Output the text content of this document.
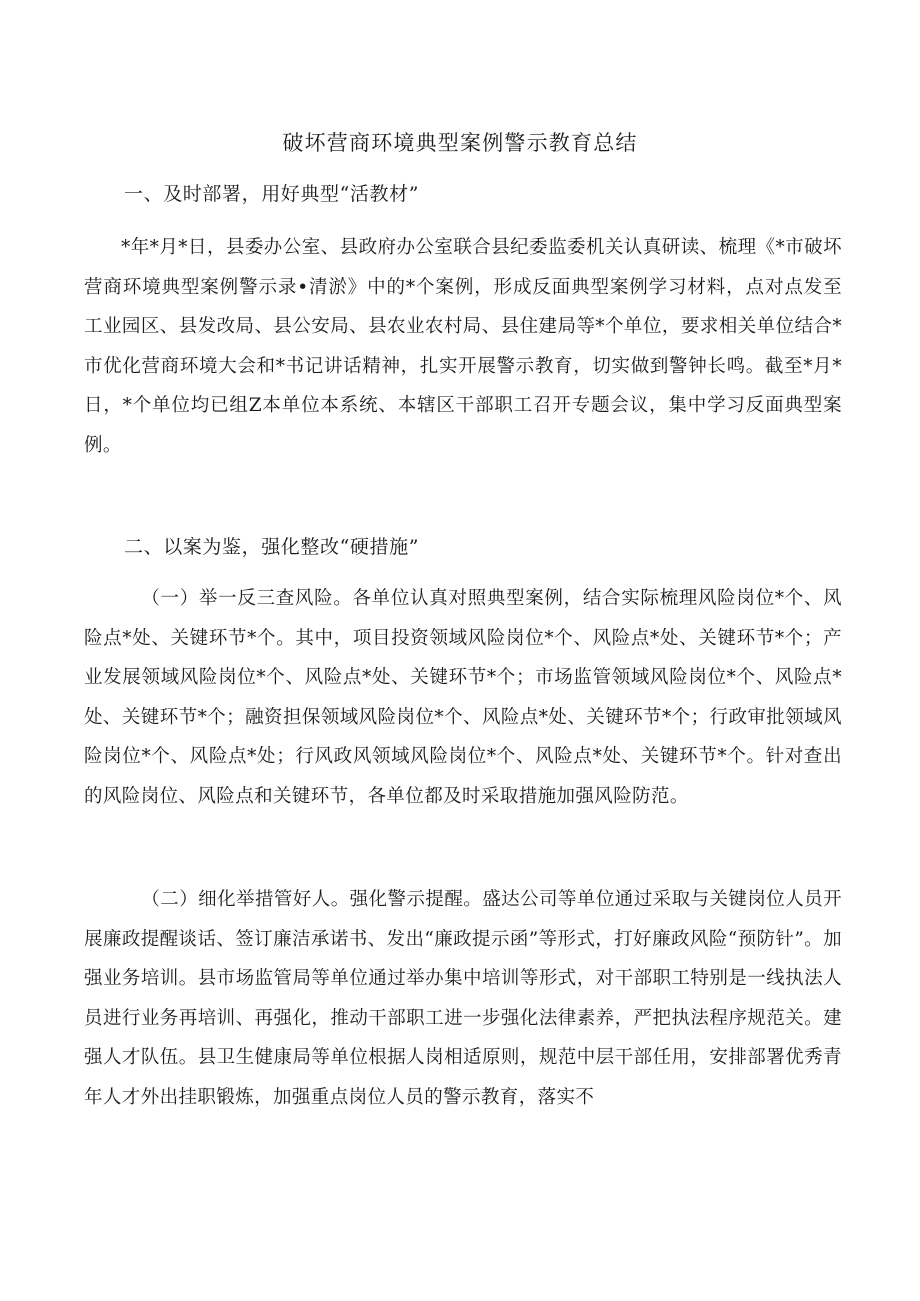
破坏营商环境典型案例警示教育总结
一、及时部署，用好典型“活教材”
*年*月*日，县委办公室、县政府办公室联合县纪委监委机关认真研读、梳理《*市破坏营商环境典型案例警示录•清淤》中的*个案例，形成反面典型案例学习材料，点对点发至工业园区、县发改局、县公安局、县农业农村局、县住建局等*个单位，要求相关单位结合*市优化营商环境大会和*书记讲话精神，扎实开展警示教育，切实做到警钟长鸣。截至*月*日，*个单位均已组Z本单位本系统、本辖区干部职工召开专题会议，集中学习反面典型案例。
二、以案为鉴，强化整改“硬措施”
（一）举一反三查风险。各单位认真对照典型案例，结合实际梳理风险岗位*个、风险点*处、关键环节*个。其中，项目投资领域风险岗位*个、风险点*处、关键环节*个；产业发展领域风险岗位*个、风险点*处、关键环节*个；市场监管领域风险岗位*个、风险点*处、关键环节*个；融资担保领域风险岗位*个、风险点*处、关键环节*个；行政审批领域风险岗位*个、风险点*处；行风政风领域风险岗位*个、风险点*处、关键环节*个。针对查出的风险岗位、风险点和关键环节，各单位都及时采取措施加强风险防范。
（二）细化举措管好人。强化警示提醒。盛达公司等单位通过采取与关键岗位人员开展廉政提醒谈话、签订廉洁承诺书、发出“廉政提示函”等形式，打好廉政风险“预防针”。加强业务培训。县市场监管局等单位通过举办集中培训等形式，对干部职工特别是一线执法人员进行业务再培训、再强化，推动干部职工进一步强化法律素养，严把执法程序规范关。建强人才队伍。县卫生健康局等单位根据人岗相适原则，规范中层干部任用，安排部署优秀青年人才外出挂职锻炼，加强重点岗位人员的警示教育，落实不
